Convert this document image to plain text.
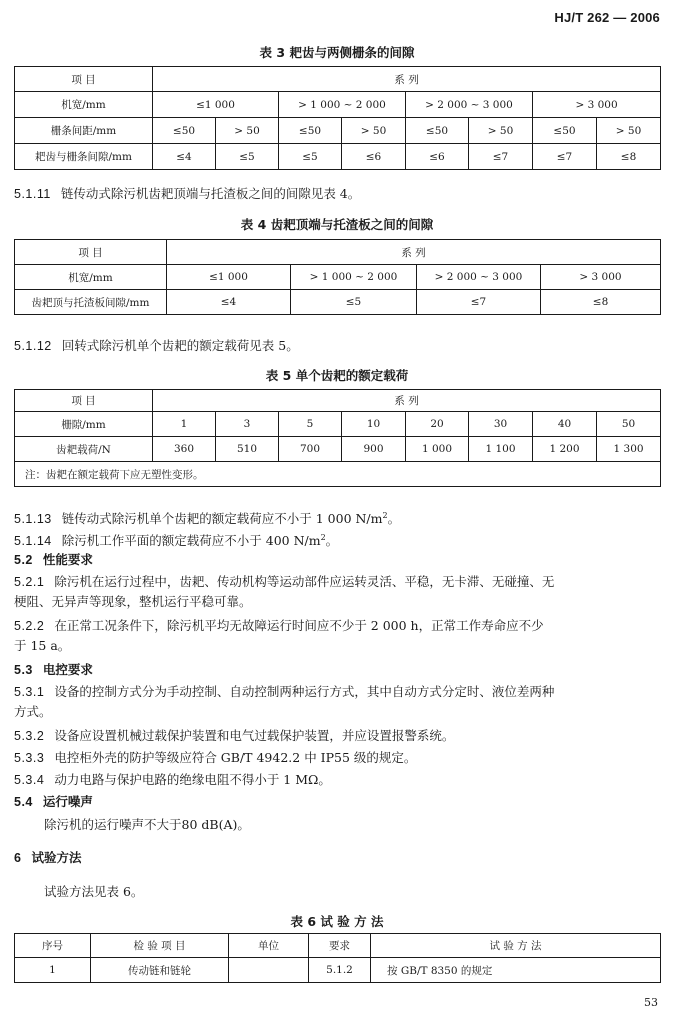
HJ/T 262 — 2006
表 3 耙齿与两侧栅条的间隙
项 目	系 列							
机宽/mm	≤1 000		> 1 000 ~ 2 000		> 2 000 ~ 3 000		> 3 000	
栅条间距/mm	≤50	> 50	≤50	> 50	≤50	> 50	≤50	> 50
耙齿与栅条间隙/mm	≤4	≤5	≤5	≤6	≤6	≤7	≤7	≤8
5.1.11 链传动式除污机齿耙顶端与托渣板之间的间隙见表 4。
表 4 齿耙顶端与托渣板之间的间隙
项 目	系 列			
机宽/mm	≤1 000	> 1 000 ~ 2 000	> 2 000 ~ 3 000	> 3 000
齿耙顶与托渣板间隙/mm	≤4	≤5	≤7	≤8
5.1.12 回转式除污机单个齿耙的额定载荷见表 5。
表 5 单个齿耙的额定载荷
项 目	系 列							
栅隙/mm	1	3	5	10	20	30	40	50
齿耙载荷/N	360	510	700	900	1 000	1 100	1 200	1 300
注：齿耙在额定载荷下应无塑性变形。								
5.1.13 链传动式除污机单个齿耙的额定载荷应不小于 1 000 $N/m^2$。
5.1.14 除污机工作平面的额定载荷应不小于 400 $N/m^2$。
5.2 性能要求
5.2.1 除污机在运行过程中，齿耙、传动机构等运动部件应运转灵活、平稳，无卡滞、无碰撞、无
梗阻、无异声等现象，整机运行平稳可靠。
5.2.2 在正常工况条件下，除污机平均无故障运行时间应不少于 2 000 h，正常工作寿命应不少
于 15 a。
5.3 电控要求
5.3.1 设备的控制方式分为手动控制、自动控制两种运行方式，其中自动方式分定时、液位差两种
方式。
5.3.2 设备应设置机械过载保护装置和电气过载保护装置，并应设置报警系统。
5.3.3 电控柜外壳的防护等级应符合 GB/T 4942.2 中 IP55 级的规定。
5.3.4 动力电路与保护电路的绝缘电阻不得小于 1 MΩ。
5.4 运行噪声
除污机的运行噪声不大于80 dB(A)。
6 试验方法
试验方法见表 6。
表 6 试 验 方 法
序号	检 验 项 目	单位	要求	试 验 方 法
1	传动链和链轮		5.1.2	按 GB/T 8350 的规定
53
